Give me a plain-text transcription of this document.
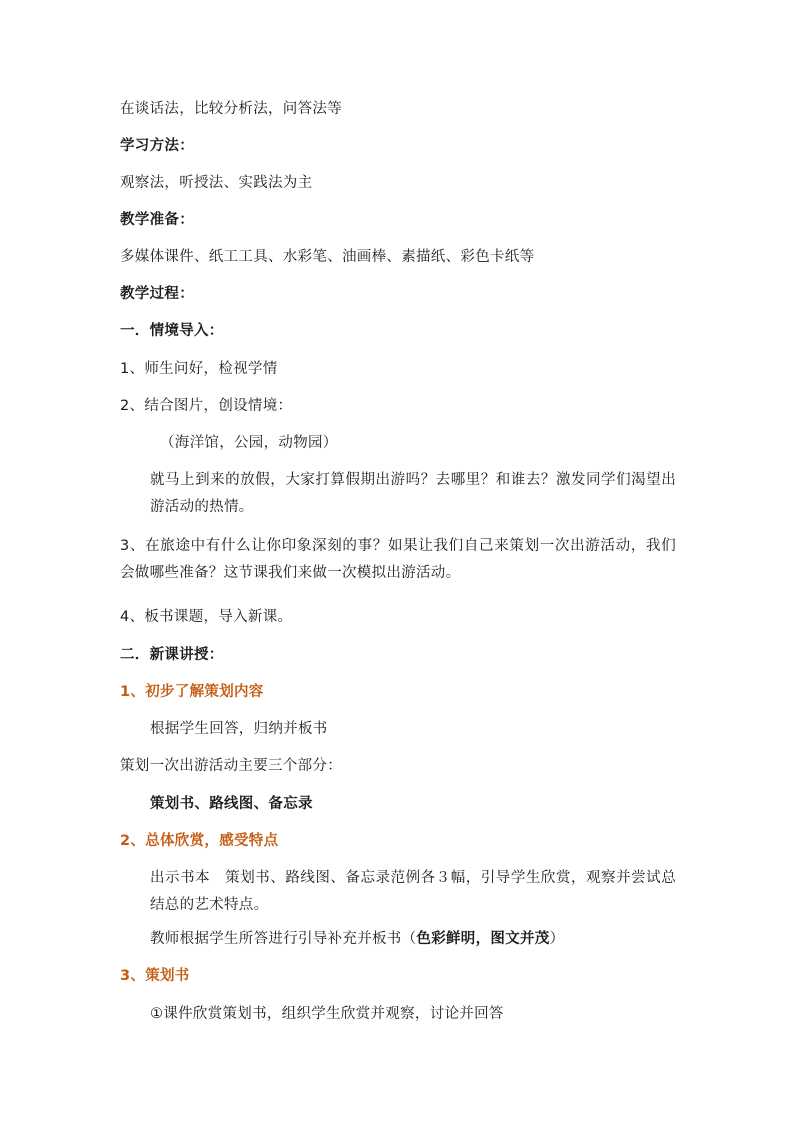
在谈话法，比较分析法，问答法等
学习方法：
观察法，听授法、实践法为主
教学准备：
多媒体课件、纸工工具、水彩笔、油画棒、素描纸、彩色卡纸等
教学过程：
一．情境导入：
1、师生问好，检视学情
2、结合图片，创设情境：
（海洋馆，公园，动物园）
就马上到来的放假，大家打算假期出游吗？去哪里？和谁去？激发同学们渴望出游活动的热情。
3、在旅途中有什么让你印象深刻的事？如果让我们自己来策划一次出游活动，我们会做哪些准备？这节课我们来做一次模拟出游活动。
4、板书课题，导入新课。
二．新课讲授：
1、初步了解策划内容
根据学生回答，归纳并板书
策划一次出游活动主要三个部分：
策划书、路线图、备忘录
2、总体欣赏，感受特点
出示书本　策划书、路线图、备忘录范例各３幅，引导学生欣赏，观察并尝试总结总的艺术特点。
教师根据学生所答进行引导补充并板书（色彩鲜明，图文并茂）
3、策划书
①课件欣赏策划书，组织学生欣赏并观察，讨论并回答
